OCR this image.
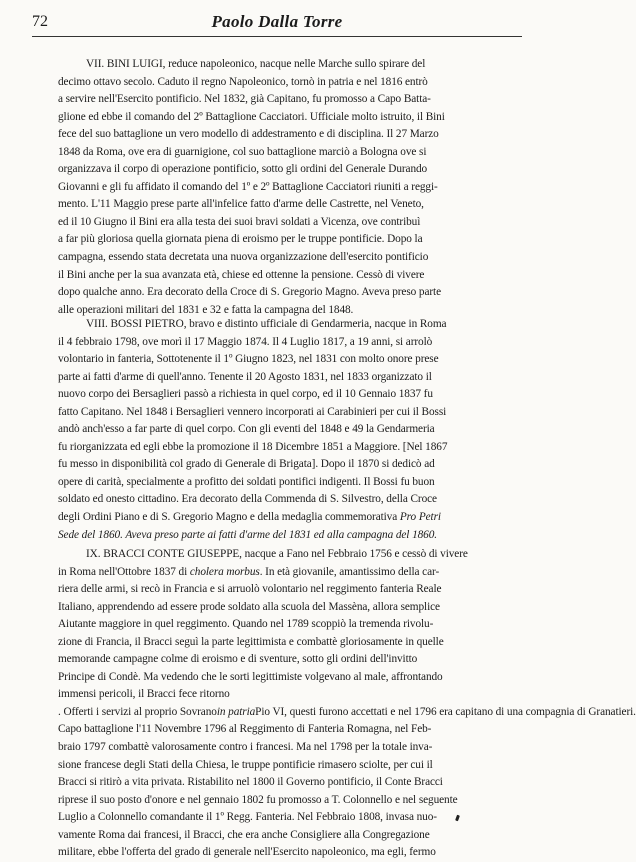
72	Paolo Dalla Torre
VII. BINI LUIGI, reduce napoleonico, nacque nelle Marche sullo spirare del
decimo ottavo secolo. Caduto il regno Napoleonico, tornò in patria e nel 1816 entrò
a servire nell'Esercito pontificio. Nel 1832, già Capitano, fu promosso a Capo Batta-
glione ed ebbe il comando del 2º Battaglione Cacciatori. Ufficiale molto istruito, il Bini
fece del suo battaglione un vero modello di addestramento e di disciplina. Il 27 Marzo
1848 da Roma, ove era di guarnigione, col suo battaglione marciò a Bologna ove si
organizzava il corpo di operazione pontificio, sotto gli ordini del Generale Durando
Giovanni e gli fu affidato il comando del 1º e 2º Battaglione Cacciatori riuniti a reggi-
mento. L'11 Maggio prese parte all'infelice fatto d'arme delle Castrette, nel Veneto,
ed il 10 Giugno il Bini era alla testa dei suoi bravi soldati a Vicenza, ove contribuì
a far più gloriosa quella giornata piena di eroismo per le truppe pontificie. Dopo la
campagna, essendo stata decretata una nuova organizzazione dell'esercito pontificio
il Bini anche per la sua avanzata età, chiese ed ottenne la pensione. Cessò di vivere
dopo qualche anno. Era decorato della Croce di S. Gregorio Magno. Aveva preso parte
alle operazioni militari del 1831 e 32 e fatta la campagna del 1848.
VIII. BOSSI PIETRO, bravo e distinto ufficiale di Gendarmeria, nacque in Roma
il 4 febbraio 1798, ove morì il 17 Maggio 1874. Il 4 Luglio 1817, a 19 anni, si arrolò
volontario in fanteria, Sottotenente il 1º Giugno 1823, nel 1831 con molto onore prese
parte ai fatti d'arme di quell'anno. Tenente il 20 Agosto 1831, nel 1833 organizzato il
nuovo corpo dei Bersaglieri passò a richiesta in quel corpo, ed il 10 Gennaio 1837 fu
fatto Capitano. Nel 1848 i Bersaglieri vennero incorporati ai Carabinieri per cui il Bossi
andò anch'esso a far parte di quel corpo. Con gli eventi del 1848 e 49 la Gendarmeria
fu riorganizzata ed egli ebbe la promozione il 18 Dicembre 1851 a Maggiore. [Nel 1867
fu messo in disponibilità col grado di Generale di Brigata]. Dopo il 1870 si dedicò ad
opere di carità, specialmente a profitto dei soldati pontifici indigenti. Il Bossi fu buon
soldato ed onesto cittadino. Era decorato della Commenda di S. Silvestro, della Croce
degli Ordini Piano e di S. Gregorio Magno e della medaglia commemorativa Pro Petri
Sede del 1860. Aveva preso parte ai fatti d'arme del 1831 ed alla campagna del 1860.
IX. BRACCI CONTE GIUSEPPE, nacque a Fano nel Febbraio 1756 e cessò di vivere
in Roma nell'Ottobre 1837 di cholera morbus. In età giovanile, amantissimo della car-
riera delle armi, si recò in Francia e si arruolò volontario nel reggimento fanteria Reale
Italiano, apprendendo ad essere prode soldato alla scuola del Massèna, allora semplice
Aiutante maggiore in quel reggimento. Quando nel 1789 scoppiò la tremenda rivolu-
zione di Francia, il Bracci seguì la parte legittimista e combattè gloriosamente in quelle
memorande campagne colme di eroismo e di sventure, sotto gli ordini dell'invitto
Principe di Condè. Ma vedendo che le sorti legittimiste volgevano al male, affrontando
immensi pericoli, il Bracci fece ritorno
. Offerti i servizi al proprio Sovranoin patriaPio VI, questi furono accettati e nel 1796 era capitano di una compagnia di Granatieri.
Capo battaglione l'11 Novembre 1796 al Reggimento di Fanteria Romagna, nel Feb-
braio 1797 combattè valorosamente contro i francesi. Ma nel 1798 per la totale inva-
sione francese degli Stati della Chiesa, le truppe pontificie rimasero sciolte, per cui il
Bracci si ritirò a vita privata. Ristabilito nel 1800 il Governo pontificio, il Conte Bracci
riprese il suo posto d'onore e nel gennaio 1802 fu promosso a T. Colonnello e nel seguente
Luglio a Colonnello comandante il 1º Regg. Fanteria. Nel Febbraio 1808, invasa nuo-
vamente Roma dai francesi, il Bracci, che era anche Consigliere alla Congregazione
militare, ebbe l'offerta del grado di generale nell'Esercito napoleonico, ma egli, fermo
